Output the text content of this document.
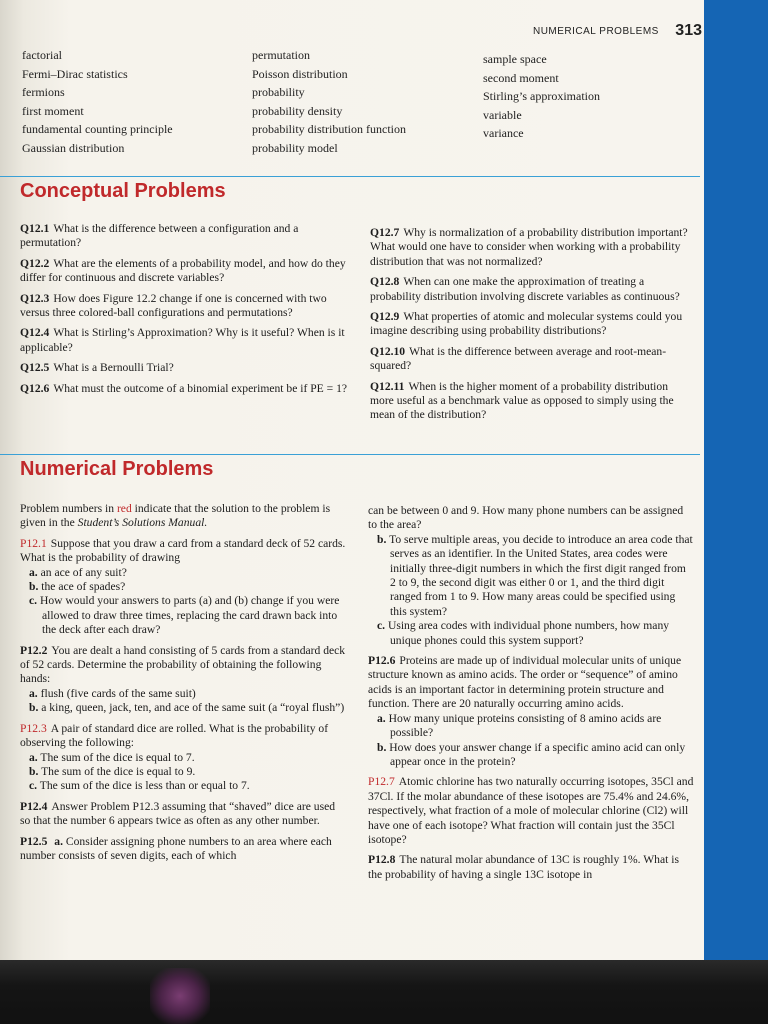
NUMERICAL PROBLEMS 313
factorial
Fermi–Dirac statistics
fermions
first moment
fundamental counting principle
Gaussian distribution
permutation
Poisson distribution
probability
probability density
probability distribution function
probability model
sample space
second moment
Stirling’s approximation
variable
variance
Conceptual Problems
Q12.1 What is the difference between a configuration and a permutation?
Q12.2 What are the elements of a probability model, and how do they differ for continuous and discrete variables?
Q12.3 How does Figure 12.2 change if one is concerned with two versus three colored-ball configurations and permutations?
Q12.4 What is Stirling’s Approximation? Why is it useful? When is it applicable?
Q12.5 What is a Bernoulli Trial?
Q12.6 What must the outcome of a binomial experiment be if PE = 1?
Q12.7 Why is normalization of a probability distribution important? What would one have to consider when working with a probability distribution that was not normalized?
Q12.8 When can one make the approximation of treating a probability distribution involving discrete variables as continuous?
Q12.9 What properties of atomic and molecular systems could you imagine describing using probability distributions?
Q12.10 What is the difference between average and root-mean-squared?
Q12.11 When is the higher moment of a probability distribution more useful as a benchmark value as opposed to simply using the mean of the distribution?
Numerical Problems
Problem numbers in red indicate that the solution to the problem is given in the Student’s Solutions Manual.
P12.1 Suppose that you draw a card from a standard deck of 52 cards. What is the probability of drawing
a. an ace of any suit?
b. the ace of spades?
c. How would your answers to parts (a) and (b) change if you were allowed to draw three times, replacing the card drawn back into the deck after each draw?
P12.2 You are dealt a hand consisting of 5 cards from a standard deck of 52 cards. Determine the probability of obtaining the following hands:
a. flush (five cards of the same suit)
b. a king, queen, jack, ten, and ace of the same suit (a “royal flush”)
P12.3 A pair of standard dice are rolled. What is the probability of observing the following:
a. The sum of the dice is equal to 7.
b. The sum of the dice is equal to 9.
c. The sum of the dice is less than or equal to 7.
P12.4 Answer Problem P12.3 assuming that “shaved” dice are used so that the number 6 appears twice as often as any other number.
P12.5 a. Consider assigning phone numbers to an area where each number consists of seven digits, each of which
can be between 0 and 9. How many phone numbers can be assigned to the area?
b. To serve multiple areas, you decide to introduce an area code that serves as an identifier. In the United States, area codes were initially three-digit numbers in which the first digit ranged from 2 to 9, the second digit was either 0 or 1, and the third digit ranged from 1 to 9. How many areas could be specified using this system?
c. Using area codes with individual phone numbers, how many unique phones could this system support?
P12.6 Proteins are made up of individual molecular units of unique structure known as amino acids. The order or “sequence” of amino acids is an important factor in determining protein structure and function. There are 20 naturally occurring amino acids.
a. How many unique proteins consisting of 8 amino acids are possible?
b. How does your answer change if a specific amino acid can only appear once in the protein?
P12.7 Atomic chlorine has two naturally occurring isotopes, 35Cl and 37Cl. If the molar abundance of these isotopes are 75.4% and 24.6%, respectively, what fraction of a mole of molecular chlorine (Cl2) will have one of each isotope? What fraction will contain just the 35Cl isotope?
P12.8 The natural molar abundance of 13C is roughly 1%. What is the probability of having a single 13C isotope in
